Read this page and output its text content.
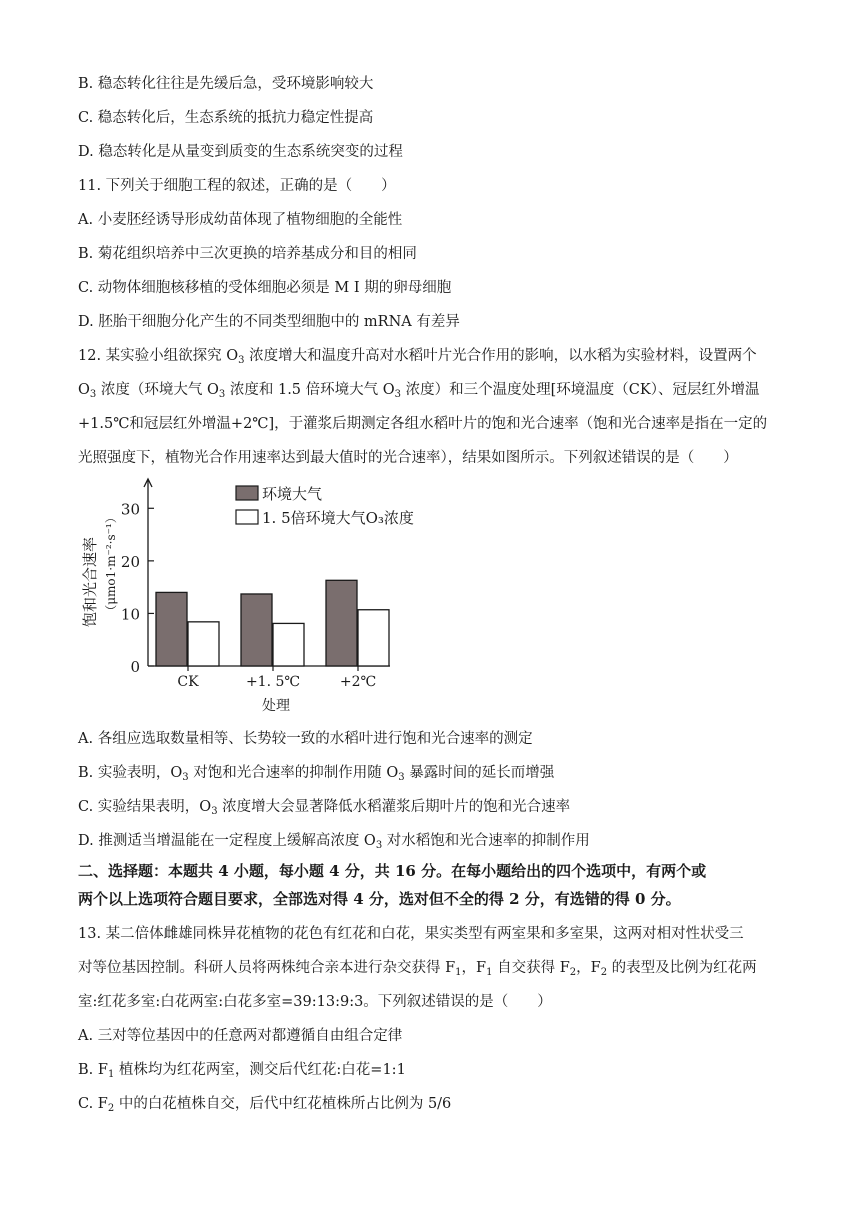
B. 稳态转化往往是先缓后急，受环境影响较大
C. 稳态转化后，生态系统的抵抗力稳定性提高
D. 稳态转化是从量变到质变的生态系统突变的过程
11. 下列关于细胞工程的叙述，正确的是（　　）
A. 小麦胚经诱导形成幼苗体现了植物细胞的全能性
B. 菊花组织培养中三次更换的培养基成分和目的相同
C. 动物体细胞核移植的受体细胞必须是 M Ⅰ 期的卵母细胞
D. 胚胎干细胞分化产生的不同类型细胞中的 mRNA 有差异
12. 某实验小组欲探究 $O_3$ 浓度增大和温度升高对水稻叶片光合作用的影响，以水稻为实验材料，设置两个
$O_3$ 浓度（环境大气 $O_3$ 浓度和 1.5 倍环境大气 $O_3$ 浓度）和三个温度处理[环境温度（CK）、冠层红外增温
+1.5℃和冠层红外增温+2℃]，于灌浆后期测定各组水稻叶片的饱和光合速率（饱和光合速率是指在一定的
光照强度下，植物光合作用速率达到最大值时的光合速率），结果如图所示。下列叙述错误的是（　　）
饱和光合速率 （μmo1·m⁻²·s⁻¹）
0
10
20
30
CK	+1. 5℃	+2℃
环境大气
1. 5倍环境大气O₃浓度
处理
A. 各组应选取数量相等、长势较一致的水稻叶进行饱和光合速率的测定
B. 实验表明，$O_3$ 对饱和光合速率的抑制作用随 $O_3$ 暴露时间的延长而增强
C. 实验结果表明，$O_3$ 浓度增大会显著降低水稻灌浆后期叶片的饱和光合速率
D. 推测适当增温能在一定程度上缓解高浓度 $O_3$ 对水稻饱和光合速率的抑制作用
二、选择题：本题共 4 小题，每小题 4 分，共 16 分。在每小题给出的四个选项中，有两个或
两个以上选项符合题目要求，全部选对得 4 分，选对但不全的得 2 分，有选错的得 0 分。
13. 某二倍体雌雄同株异花植物的花色有红花和白花，果实类型有两室果和多室果，这两对相对性状受三
对等位基因控制。科研人员将两株纯合亲本进行杂交获得 $F_1$，$F_1$ 自交获得 $F_2$，$F_2$ 的表型及比例为红花两
室:红花多室:白花两室:白花多室=39:13:9:3。下列叙述错误的是（　　）
A. 三对等位基因中的任意两对都遵循自由组合定律
B. $F_1$ 植株均为红花两室，测交后代红花:白花=1:1
C. $F_2$ 中的白花植株自交，后代中红花植株所占比例为 5/6
